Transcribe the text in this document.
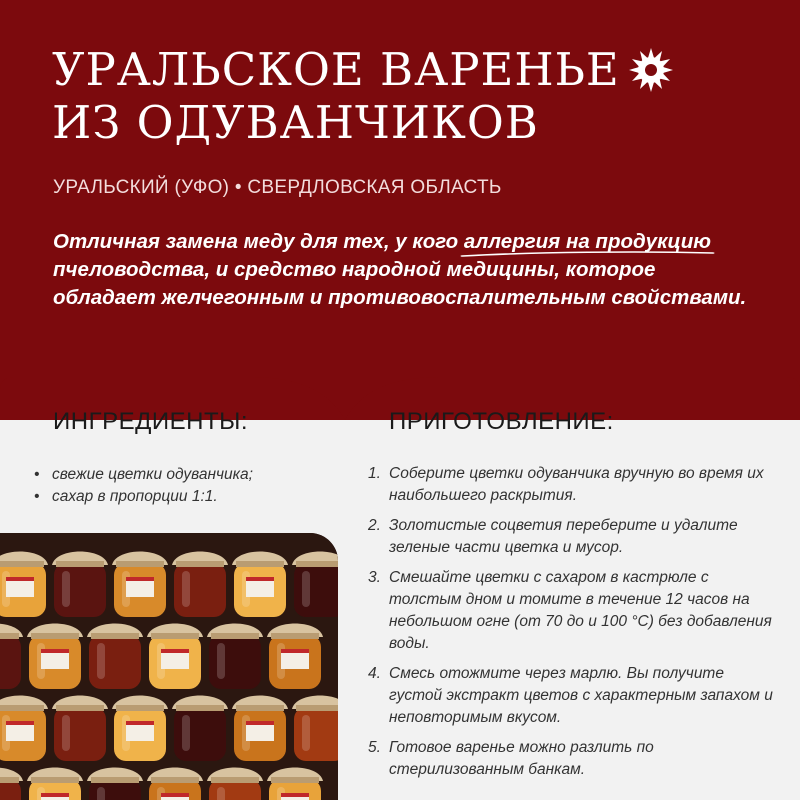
УРАЛЬСКОЕ ВАРЕНЬЕ
ИЗ ОДУВАНЧИКОВ
УРАЛЬСКИЙ (УФО) • СВЕРДЛОВСКАЯ ОБЛАСТЬ

Отличная замена меду для тех, у кого аллергия на продукцию
пчеловодства, и средство народной медицины, которое обладает желчегонным и противовоспалительным свойствами.

ИНГРЕДИЕНТЫ:	ПРИГОТОВЛЕНИЕ:
• свежие цветки одуванчика;
• сахар в пропорции 1:1.
1. Соберите цветки одуванчика вручную во время их наибольшего раскрытия.
2. Золотистые соцветия переберите и удалите зеленые части цветка и мусор.
3. Смешайте цветки с сахаром в кастрюле с толстым дном и томите в течение 12 часов на небольшом огне (от 70 до и 100 °С) без добавления воды.
4. Смесь отожмите через марлю. Вы получите густой экстракт цветов с характерным запахом и неповторимым вкусом.
5. Готовое варенье можно разлить по стерилизованным банкам.
